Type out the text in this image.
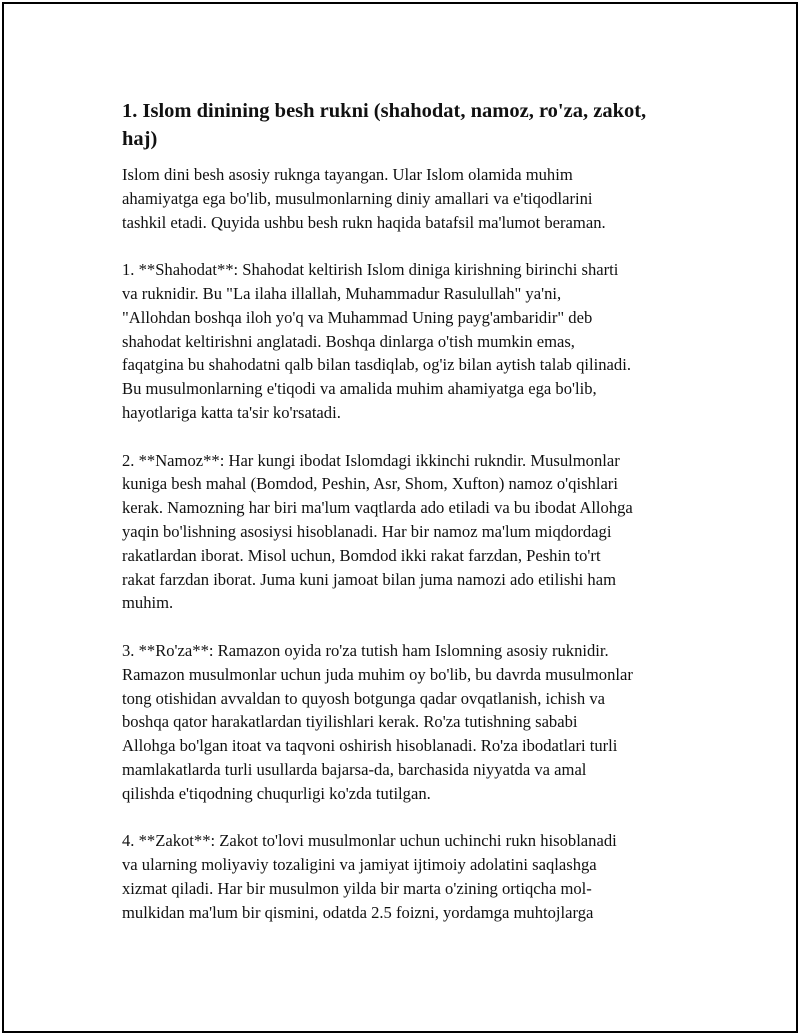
1. Islom dinining besh rukni (shahodat, namoz, ro'za, zakot,
haj)

Islom dini besh asosiy ruknga tayangan. Ular Islom olamida muhim
ahamiyatga ega bo'lib, musulmonlarning diniy amallari va e'tiqodlarini
tashkil etadi. Quyida ushbu besh rukn haqida batafsil ma'lumot beraman.

1. **Shahodat**: Shahodat keltirish Islom diniga kirishning birinchi sharti
va ruknidir. Bu "La ilaha illallah, Muhammadur Rasulullah" ya'ni,
"Allohdan boshqa iloh yo'q va Muhammad Uning payg'ambaridir" deb
shahodat keltirishni anglatadi. Boshqa dinlarga o'tish mumkin emas,
faqatgina bu shahodatni qalb bilan tasdiqlab, og'iz bilan aytish talab qilinadi.
Bu musulmonlarning e'tiqodi va amalida muhim ahamiyatga ega bo'lib,
hayotlariga katta ta'sir ko'rsatadi.

2. **Namoz**: Har kungi ibodat Islomdagi ikkinchi rukndir. Musulmonlar
kuniga besh mahal (Bomdod, Peshin, Asr, Shom, Xufton) namoz o'qishlari
kerak. Namozning har biri ma'lum vaqtlarda ado etiladi va bu ibodat Allohga
yaqin bo'lishning asosiysi hisoblanadi. Har bir namoz ma'lum miqdordagi
rakatlardan iborat. Misol uchun, Bomdod ikki rakat farzdan, Peshin to'rt
rakat farzdan iborat. Juma kuni jamoat bilan juma namozi ado etilishi ham
muhim.

3. **Ro'za**: Ramazon oyida ro'za tutish ham Islomning asosiy ruknidir.
Ramazon musulmonlar uchun juda muhim oy bo'lib, bu davrda musulmonlar
tong otishidan avvaldan to quyosh botgunga qadar ovqatlanish, ichish va
boshqa qator harakatlardan tiyilishlari kerak. Ro'za tutishning sababi
Allohga bo'lgan itoat va taqvoni oshirish hisoblanadi. Ro'za ibodatlari turli
mamlakatlarda turli usullarda bajarsa-da, barchasida niyyatda va amal
qilishda e'tiqodning chuqurligi ko'zda tutilgan.

4. **Zakot**: Zakot to'lovi musulmonlar uchun uchinchi rukn hisoblanadi
va ularning moliyaviy tozaligini va jamiyat ijtimoiy adolatini saqlashga
xizmat qiladi. Har bir musulmon yilda bir marta o'zining ortiqcha mol-
mulkidan ma'lum bir qismini, odatda 2.5 foizni, yordamga muhtojlarga
